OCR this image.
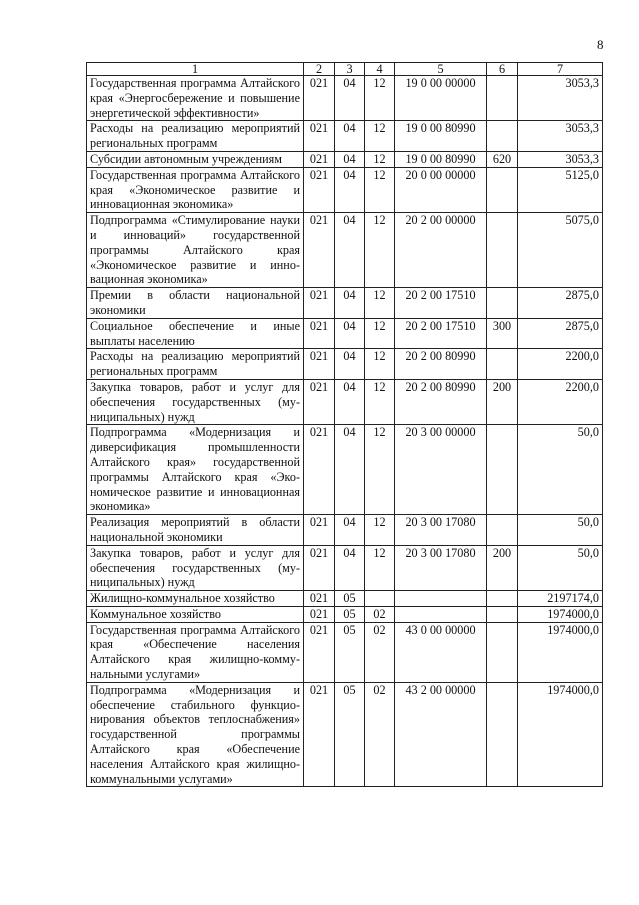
8
1	2	3	4	5	6	7
Государственная программа Алтайского края «Энергосбережение и повышение энергетической эффективности»	021	04	12	19 0 00 00000		3053,3
Расходы на реализацию мероприятий региональных программ	021	04	12	19 0 00 80990		3053,3
Субсидии автономным учреждениям	021	04	12	19 0 00 80990	620	3053,3
Государственная программа Алтайского края «Экономическое развитие и инновационная экономика»	021	04	12	20 0 00 00000		5125,0
Подпрограмма «Стимулирование науки и инноваций» государственной программы Алтайского края «Экономическое развитие и инновационная экономика»	021	04	12	20 2 00 00000		5075,0
Премии в области национальной экономики	021	04	12	20 2 00 17510		2875,0
Социальное обеспечение и иные выплаты населению	021	04	12	20 2 00 17510	300	2875,0
Расходы на реализацию мероприятий региональных программ	021	04	12	20 2 00 80990		2200,0
Закупка товаров, работ и услуг для обеспечения государственных (муниципальных) нужд	021	04	12	20 2 00 80990	200	2200,0
Подпрограмма «Модернизация и диверсификация промышленности Алтайского края» государственной программы Алтайского края «Экономическое развитие и инновационная экономика»	021	04	12	20 3 00 00000		50,0
Реализация мероприятий в области национальной экономики	021	04	12	20 3 00 17080		50,0
Закупка товаров, работ и услуг для обеспечения государственных (муниципальных) нужд	021	04	12	20 3 00 17080	200	50,0
Жилищно-коммунальное хозяйство	021	05				2197174,0
Коммунальное хозяйство	021	05	02			1974000,0
Государственная программа Алтайского края «Обеспечение населения Алтайского края жилищно-коммунальными услугами»	021	05	02	43 0 00 00000		1974000,0
Подпрограмма «Модернизация и обеспечение стабильного функционирования объектов теплоснабжения» государственной программы Алтайского края «Обеспечение населения Алтайского края жилищно-коммунальными услугами»	021	05	02	43 2 00 00000		1974000,0
